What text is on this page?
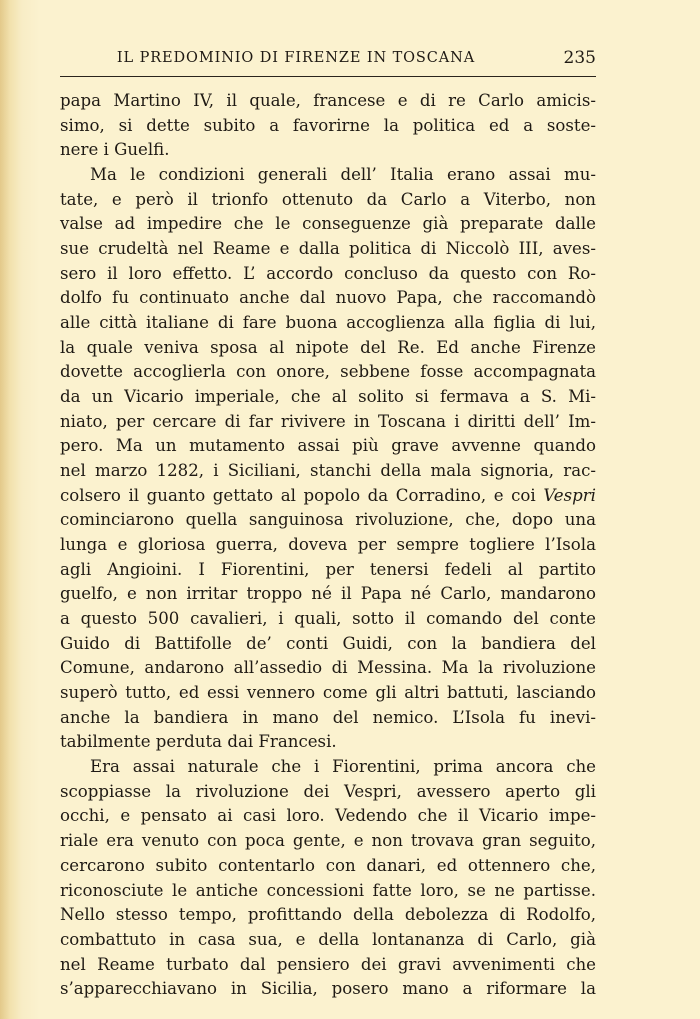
IL PREDOMINIO DI FIRENZE IN TOSCANA	235
papa Martino IV, il quale, francese e di re Carlo amicis-
simo, si dette subito a favorirne la politica ed a soste-
nere i Guelfi.
Ma le condizioni generali dell’ Italia erano assai mu-
tate, e però il trionfo ottenuto da Carlo a Viterbo, non
valse ad impedire che le conseguenze già preparate dalle
sue crudeltà nel Reame e dalla politica di Niccolò III, aves-
sero il loro effetto. L’ accordo concluso da questo con Ro-
dolfo fu continuato anche dal nuovo Papa, che raccomandò
alle città italiane di fare buona accoglienza alla figlia di lui,
la quale veniva sposa al nipote del Re. Ed anche Firenze
dovette accoglierla con onore, sebbene fosse accompagnata
da un Vicario imperiale, che al solito si fermava a S. Mi-
niato, per cercare di far rivivere in Toscana i diritti dell’ Im-
pero. Ma un mutamento assai più grave avvenne quando
nel marzo 1282, i Siciliani, stanchi della mala signoria, rac-
colsero il guanto gettato al popolo da Corradino, e coi Vespri
cominciarono quella sanguinosa rivoluzione, che, dopo una
lunga e gloriosa guerra, doveva per sempre togliere l’Isola
agli Angioini. I Fiorentini, per tenersi fedeli al partito
guelfo, e non irritar troppo né il Papa né Carlo, mandarono
a questo 500 cavalieri, i quali, sotto il comando del conte
Guido di Battifolle de’ conti Guidi, con la bandiera del
Comune, andarono all’assedio di Messina. Ma la rivoluzione
superò tutto, ed essi vennero come gli altri battuti, lasciando
anche la bandiera in mano del nemico. L’Isola fu inevi-
tabilmente perduta dai Francesi.
Era assai naturale che i Fiorentini, prima ancora che
scoppiasse la rivoluzione dei Vespri, avessero aperto gli
occhi, e pensato ai casi loro. Vedendo che il Vicario impe-
riale era venuto con poca gente, e non trovava gran seguito,
cercarono subito contentarlo con danari, ed ottennero che,
riconosciute le antiche concessioni fatte loro, se ne partisse.
Nello stesso tempo, profittando della debolezza di Rodolfo,
combattuto in casa sua, e della lontananza di Carlo, già
nel Reame turbato dal pensiero dei gravi avvenimenti che
s’apparecchiavano in Sicilia, posero mano a riformare la
